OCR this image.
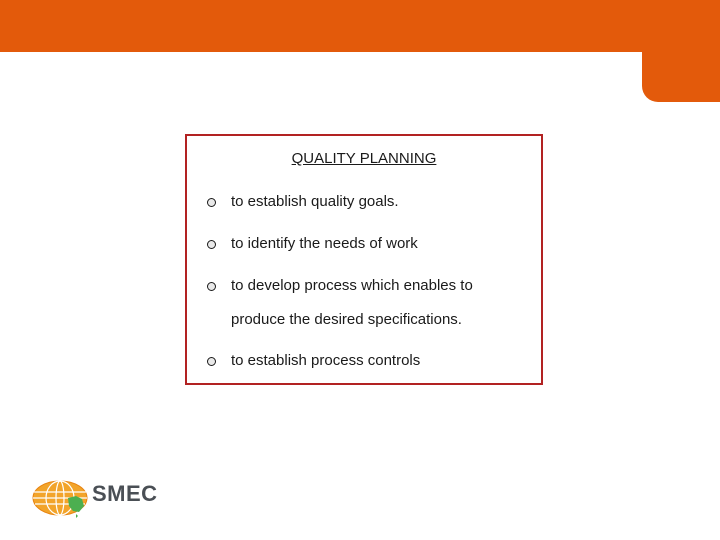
QUALITY PLANNING
to establish quality goals.
to identify the needs of work
to develop process which enables to produce the desired specifications.
to establish process controls
SMEC
